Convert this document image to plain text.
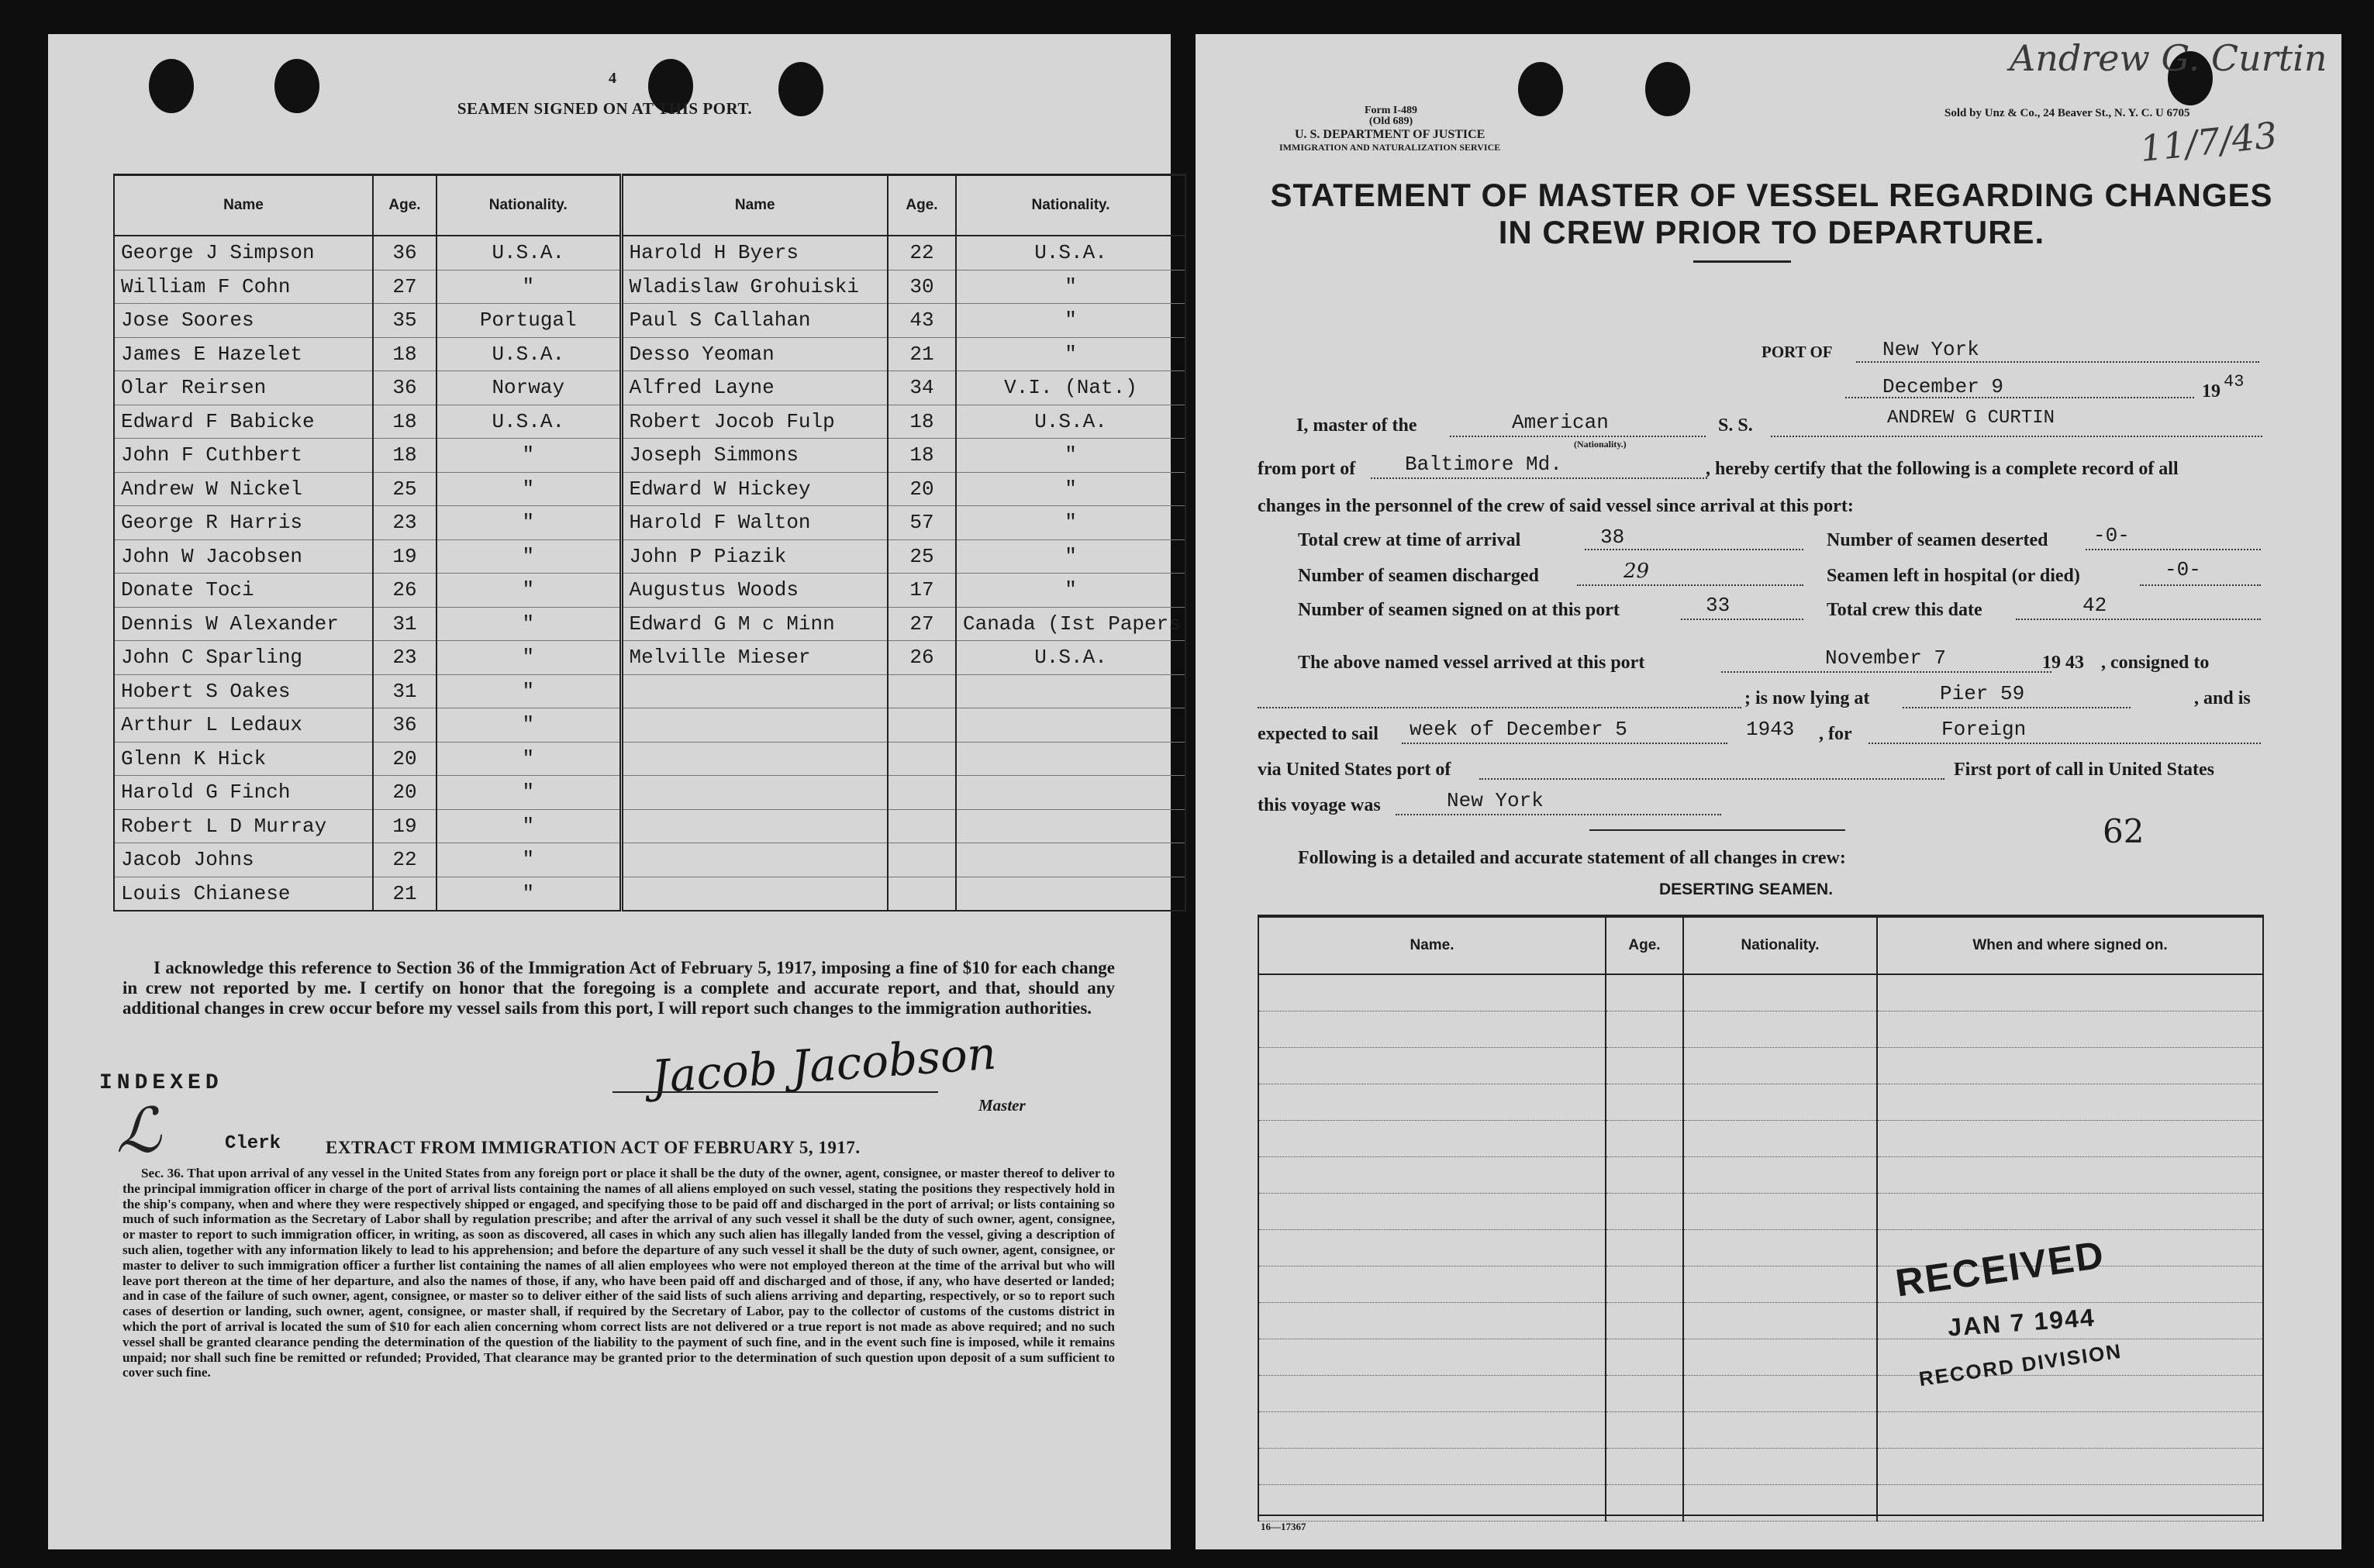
4
SEAMEN SIGNED ON AT THIS PORT.
Name	Age.	Nationality.	Name	Age.	Nationality.
George J Simpson	36	U.S.A.	Harold H Byers	22	U.S.A.
William F Cohn	27	"	Wladislaw Grohuiski	30	"
Jose Soores	35	Portugal	Paul S Callahan	43	"
James E Hazelet	18	U.S.A.	Desso Yeoman	21	"
Olar Reirsen	36	Norway	Alfred Layne	34	V.I. (Nat.)
Edward F Babicke	18	U.S.A.	Robert Jocob Fulp	18	U.S.A.
John F Cuthbert	18	"	Joseph Simmons	18	"
Andrew W Nickel	25	"	Edward W Hickey	20	"
George R Harris	23	"	Harold F Walton	57	"
John W Jacobsen	19	"	John P Piazik	25	"
Donate Toci	26	"	Augustus Woods	17	"
Dennis W Alexander	31	"	Edward G M c Minn	27	Canada (Ist Papers
John C Sparling	23	"	Melville Mieser	26	U.S.A.
Hobert S Oakes	31	"			
Arthur L Ledaux	36	"			
Glenn K Hick	20	"			
Harold G Finch	20	"			
Robert L D Murray	19	"			
Jacob Johns	22	"			
Louis Chianese	21	"			
I acknowledge this reference to Section 36 of the Immigration Act of February 5, 1917, imposing a fine of $10 for each change in crew not reported by me. I certify on honor that the foregoing is a complete and accurate report, and that, should any additional changes in crew occur before my vessel sails from this port, I will report such changes to the immigration authorities.
Jacob Jacobson
Master
INDEXED
ℒ	Clerk	EXTRACT FROM IMMIGRATION ACT OF FEBRUARY 5, 1917.
Sec. 36. That upon arrival of any vessel in the United States from any foreign port or place it shall be the duty of the owner, agent, consignee, or master thereof to deliver to the principal immigration officer in charge of the port of arrival lists containing the names of all aliens employed on such vessel, stating the positions they respectively hold in the ship's company, when and where they were respectively shipped or engaged, and specifying those to be paid off and discharged in the port of arrival; or lists containing so much of such information as the Secretary of Labor shall by regulation prescribe; and after the arrival of any such vessel it shall be the duty of such owner, agent, consignee, or master to report to such immigration officer, in writing, as soon as discovered, all cases in which any such alien has illegally landed from the vessel, giving a description of such alien, together with any information likely to lead to his apprehension; and before the departure of any such vessel it shall be the duty of such owner, agent, consignee, or master to deliver to such immigration officer a further list containing the names of all alien employees who were not employed thereon at the time of the arrival but who will leave port thereon at the time of her departure, and also the names of those, if any, who have been paid off and discharged and of those, if any, who have deserted or landed; and in case of the failure of such owner, agent, consignee, or master so to deliver either of the said lists of such aliens arriving and departing, respectively, or so to report such cases of desertion or landing, such owner, agent, consignee, or master shall, if required by the Secretary of Labor, pay to the collector of customs of the customs district in which the port of arrival is located the sum of $10 for each alien concerning whom correct lists are not delivered or a true report is not made as above required; and no such vessel shall be granted clearance pending the determination of the question of the liability to the payment of such fine, and in the event such fine is imposed, while it remains unpaid; nor shall such fine be remitted or refunded; Provided, That clearance may be granted prior to the determination of such question upon deposit of a sum sufficient to cover such fine.
Andrew G. Curtin
11/7/43
Form I-489
(Old 689)
U. S. DEPARTMENT OF JUSTICE
IMMIGRATION AND NATURALIZATION SERVICE
Sold by Unz & Co., 24 Beaver St., N. Y. C. U 6705
STATEMENT OF MASTER OF VESSEL REGARDING CHANGES
IN CREW PRIOR TO DEPARTURE.
PORT OF New York
December 9	19 43
I, master of the	American
(Nationality.)
S. S.	ANDREW G CURTIN
from port of Baltimore Md.	, hereby certify that the following is a complete record of all
changes in the personnel of the crew of said vessel since arrival at this port:
Total crew at time of arrival	38	Number of seamen deserted -0-
Number of seamen discharged	29	Seamen left in hospital (or died)	-0-
Number of seamen signed on at this port	33	Total crew this date	42
The above named vessel arrived at this port	November 7	19 43 , consigned to
; is now lying at	Pier 59	, and is
expected to sail week of December 5	1943 , for	Foreign
via United States port of	First port of call in United States
this voyage was	New York
62
Following is a detailed and accurate statement of all changes in crew:
DESERTING SEAMEN.
Name.	Age.	Nationality.	When and where signed on.

16—17367
RECEIVED
JAN 7 1944
RECORD DIVISION
